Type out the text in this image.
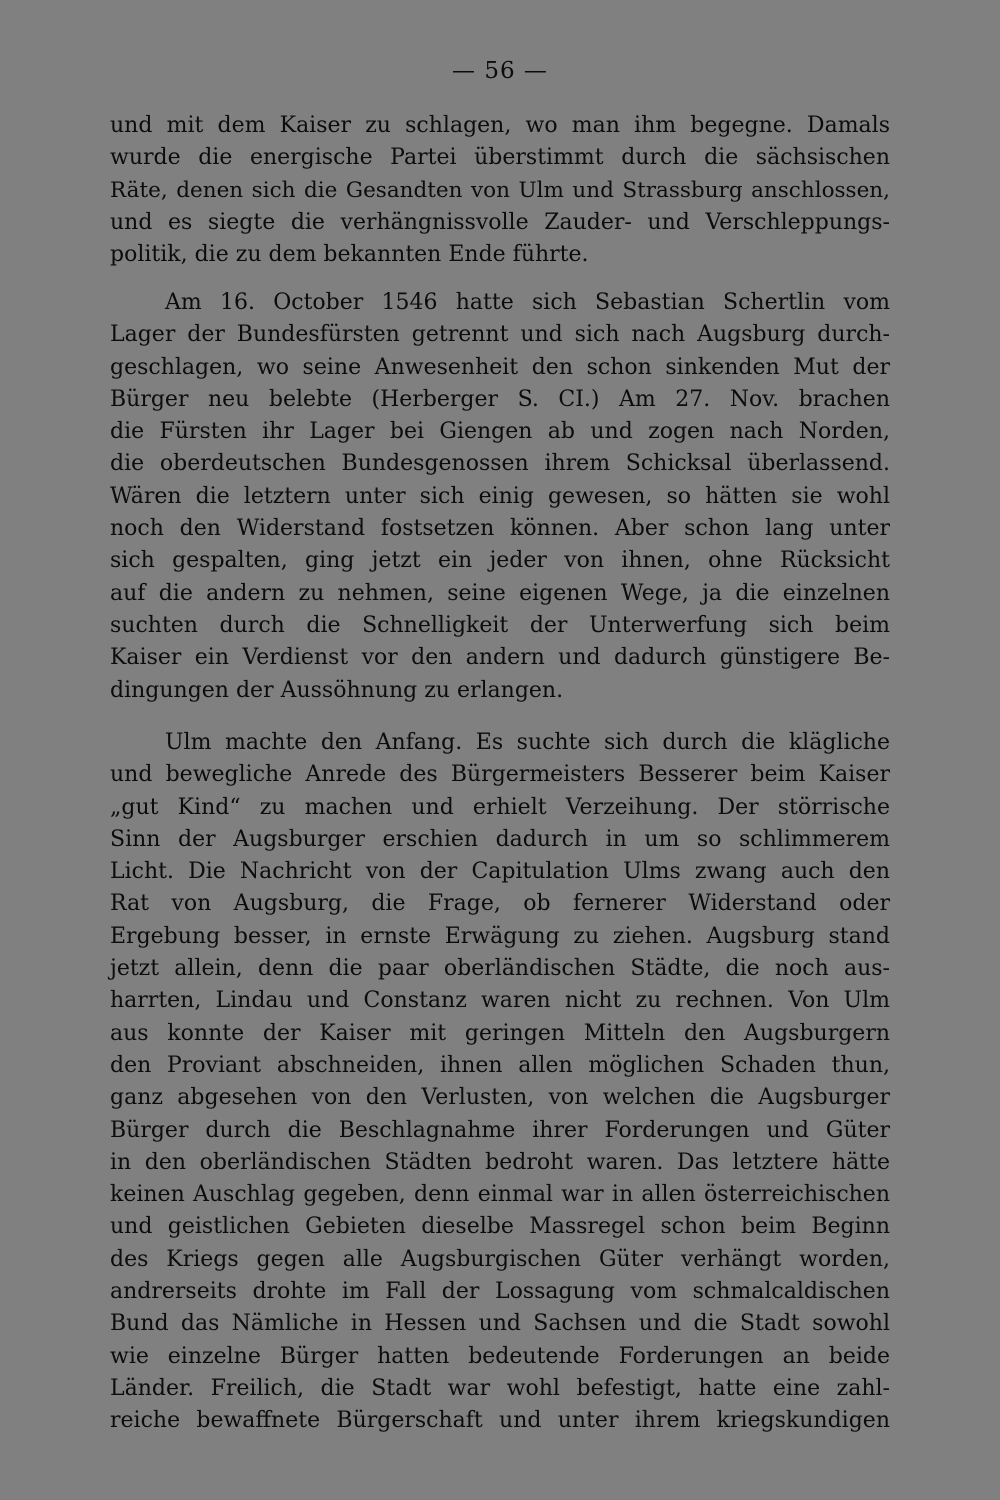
— 56 —
und mit dem Kaiser zu schlagen, wo man ihm begegne. Damals
wurde die energische Partei überstimmt durch die sächsischen
Räte, denen sich die Gesandten von Ulm und Strassburg anschlossen,
und es siegte die verhängnissvolle Zauder- und Verschleppungs-
politik, die zu dem bekannten Ende führte.
Am 16. October 1546 hatte sich Sebastian Schertlin vom
Lager der Bundesfürsten getrennt und sich nach Augsburg durch-
geschlagen, wo seine Anwesenheit den schon sinkenden Mut der
Bürger neu belebte (Herberger S. CI.) Am 27. Nov. brachen
die Fürsten ihr Lager bei Giengen ab und zogen nach Norden,
die oberdeutschen Bundesgenossen ihrem Schicksal überlassend.
Wären die letztern unter sich einig gewesen, so hätten sie wohl
noch den Widerstand fostsetzen können. Aber schon lang unter
sich gespalten, ging jetzt ein jeder von ihnen, ohne Rücksicht
auf die andern zu nehmen, seine eigenen Wege, ja die einzelnen
suchten durch die Schnelligkeit der Unterwerfung sich beim
Kaiser ein Verdienst vor den andern und dadurch günstigere Be-
dingungen der Aussöhnung zu erlangen.
Ulm machte den Anfang. Es suchte sich durch die klägliche
und bewegliche Anrede des Bürgermeisters Besserer beim Kaiser
„gut Kind“ zu machen und erhielt Verzeihung. Der störrische
Sinn der Augsburger erschien dadurch in um so schlimmerem
Licht. Die Nachricht von der Capitulation Ulms zwang auch den
Rat von Augsburg, die Frage, ob fernerer Widerstand oder
Ergebung besser, in ernste Erwägung zu ziehen. Augsburg stand
jetzt allein, denn die paar oberländischen Städte, die noch aus-
harrten, Lindau und Constanz waren nicht zu rechnen. Von Ulm
aus konnte der Kaiser mit geringen Mitteln den Augsburgern
den Proviant abschneiden, ihnen allen möglichen Schaden thun,
ganz abgesehen von den Verlusten, von welchen die Augsburger
Bürger durch die Beschlagnahme ihrer Forderungen und Güter
in den oberländischen Städten bedroht waren. Das letztere hätte
keinen Auschlag gegeben, denn einmal war in allen österreichischen
und geistlichen Gebieten dieselbe Massregel schon beim Beginn
des Kriegs gegen alle Augsburgischen Güter verhängt worden,
andrerseits drohte im Fall der Lossagung vom schmalcaldischen
Bund das Nämliche in Hessen und Sachsen und die Stadt sowohl
wie einzelne Bürger hatten bedeutende Forderungen an beide
Länder. Freilich, die Stadt war wohl befestigt, hatte eine zahl-
reiche bewaffnete Bürgerschaft und unter ihrem kriegskundigen
